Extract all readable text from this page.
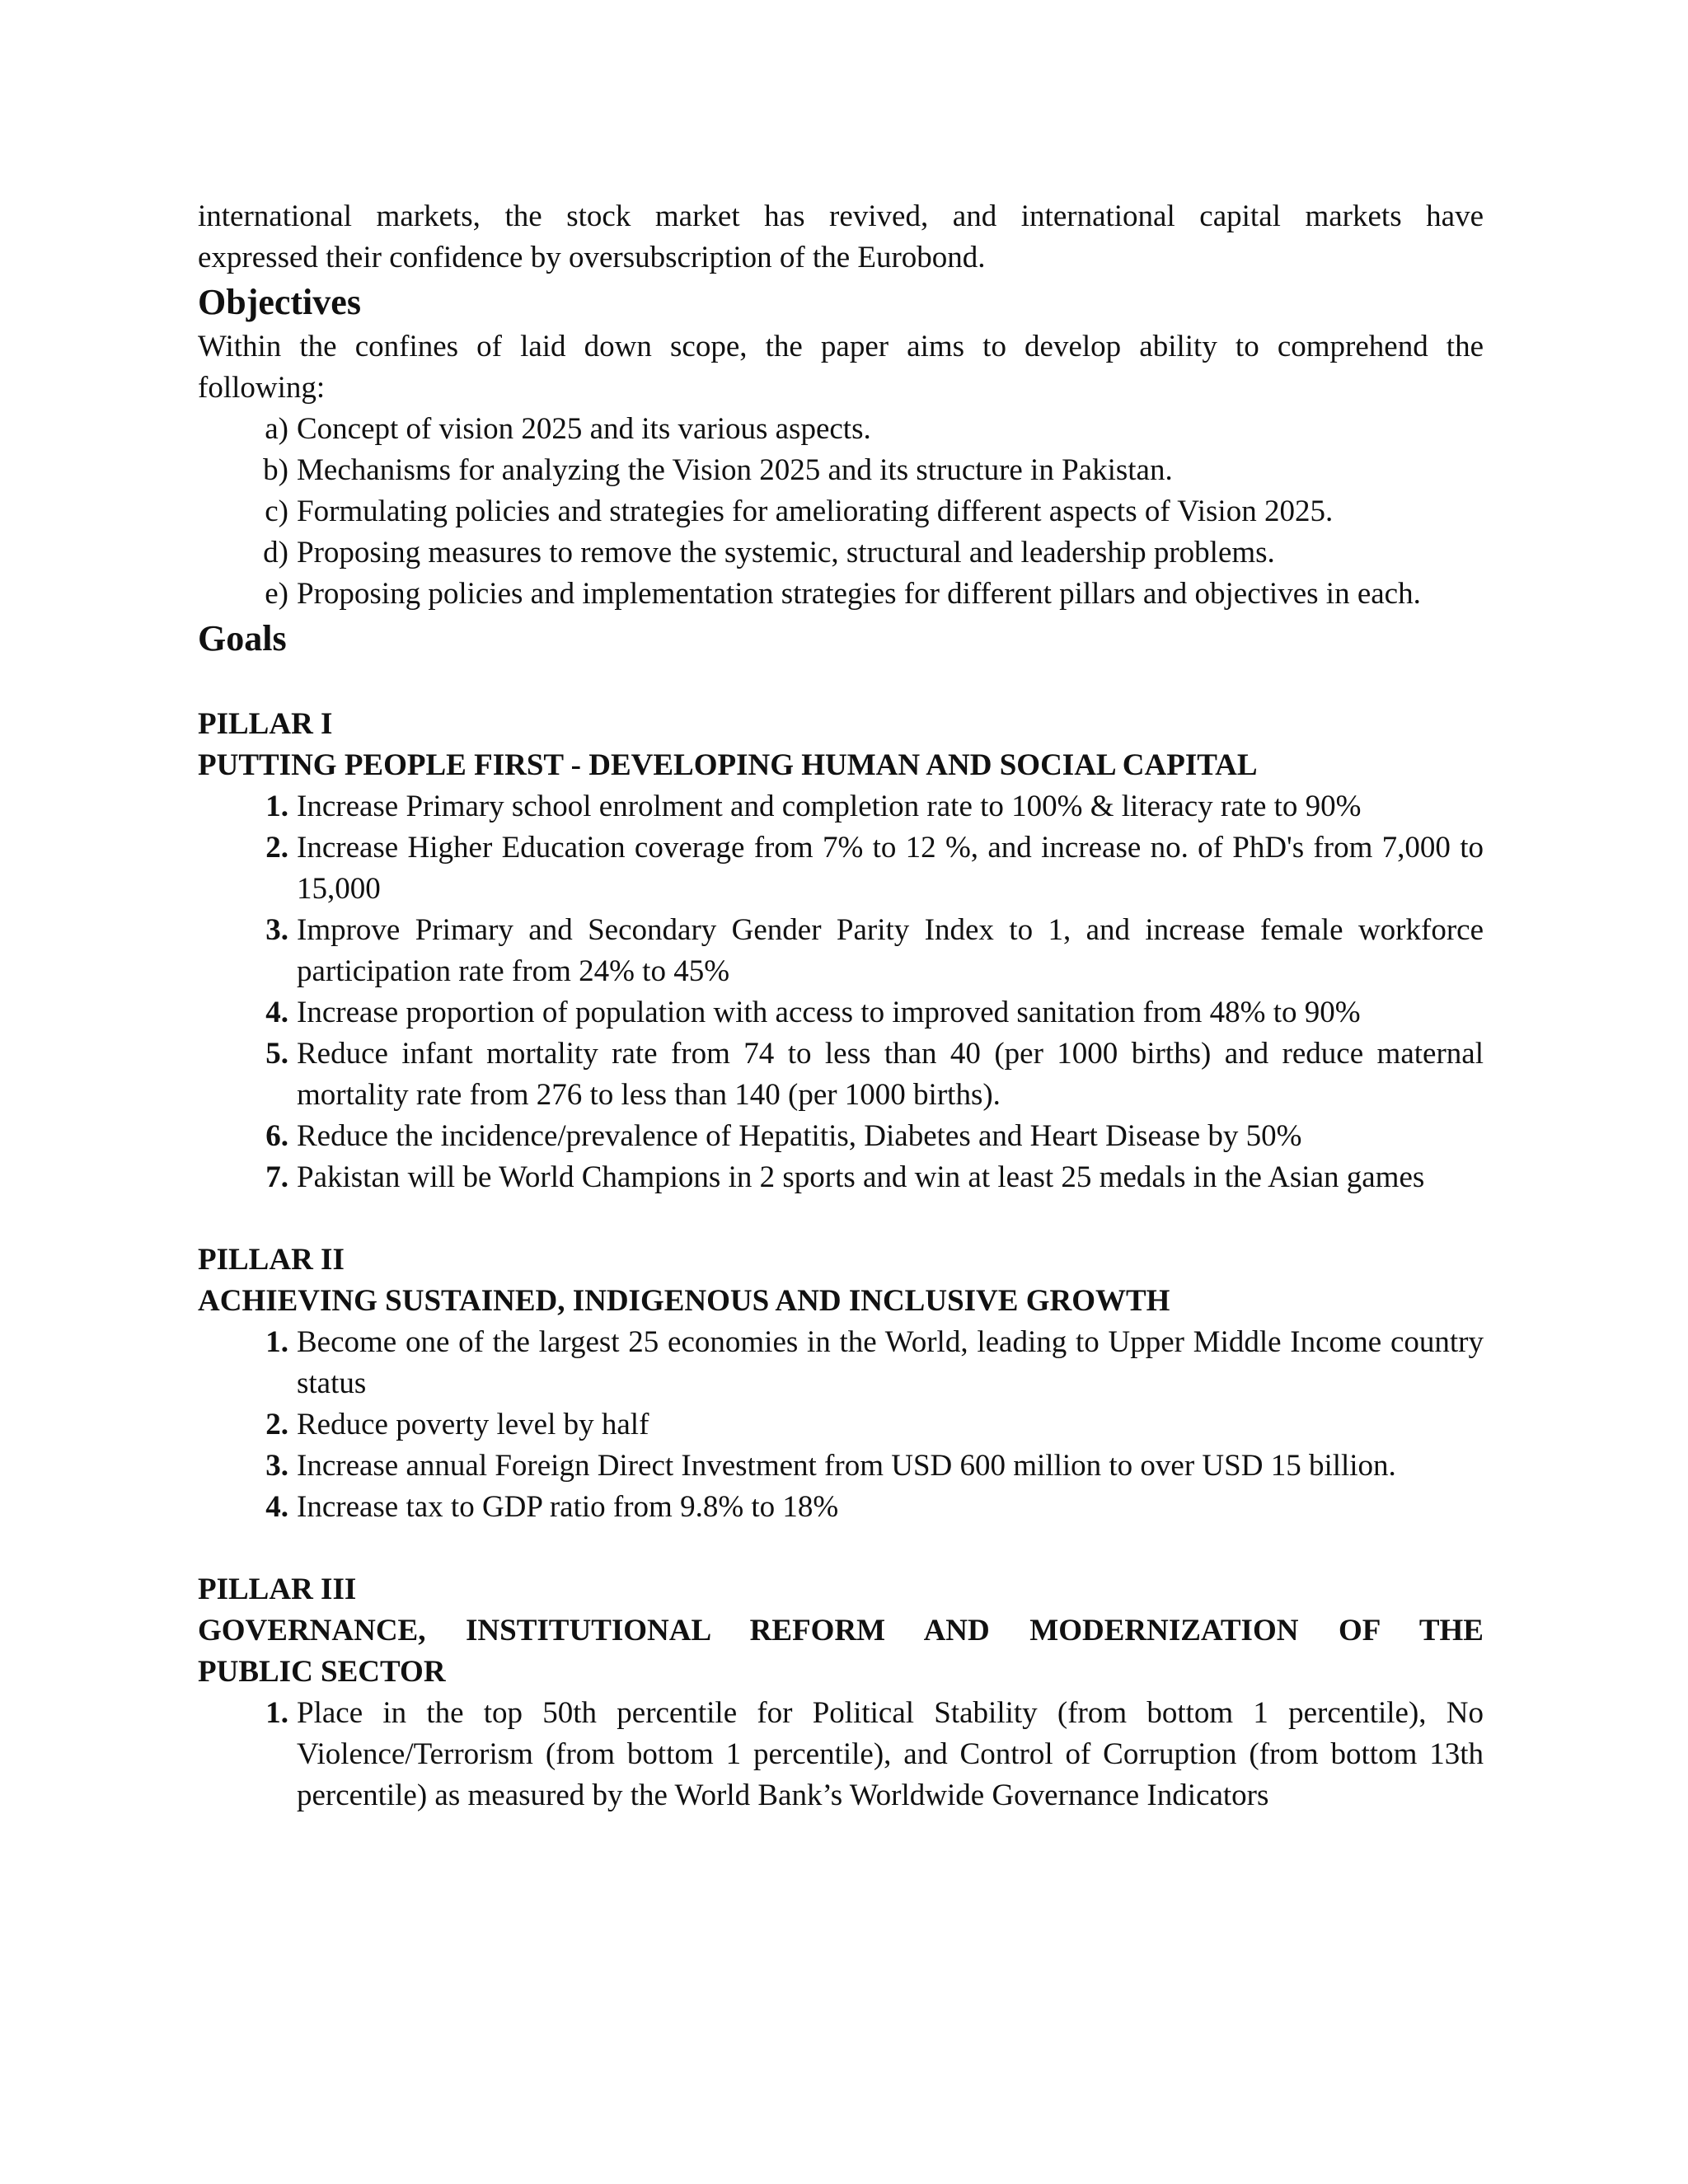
international markets, the stock market has revived, and international capital markets have

expressed their confidence by oversubscription of the Eurobond.

Objectives

Within the confines of laid down scope, the paper aims to develop ability to comprehend the

following:

a) Concept of vision 2025 and its various aspects.
b) Mechanisms for analyzing the Vision 2025 and its structure in Pakistan.
c) Formulating policies and strategies for ameliorating different aspects of Vision 2025.
d) Proposing measures to remove the systemic, structural and leadership problems.
e) Proposing policies and implementation strategies for different pillars and objectives in each.
Goals

PILLAR I

PUTTING PEOPLE FIRST - DEVELOPING HUMAN AND SOCIAL CAPITAL

1. Increase Primary school enrolment and completion rate to 100% & literacy rate to 90%
2. Increase Higher Education coverage from 7% to 12 %, and increase no. of PhD's from 7,000 to 15,000
3. Improve Primary and Secondary Gender Parity Index to 1, and increase female workforce participation rate from 24% to 45%
4. Increase proportion of population with access to improved sanitation from 48% to 90%
5. Reduce infant mortality rate from 74 to less than 40 (per 1000 births) and reduce maternal mortality rate from 276 to less than 140 (per 1000 births).
6. Reduce the incidence/prevalence of Hepatitis, Diabetes and Heart Disease by 50%
7. Pakistan will be World Champions in 2 sports and win at least 25 medals in the Asian games

PILLAR II

ACHIEVING SUSTAINED, INDIGENOUS AND INCLUSIVE GROWTH

1. Become one of the largest 25 economies in the World, leading to Upper Middle Income country status
2. Reduce poverty level by half
3. Increase annual Foreign Direct Investment from USD 600 million to over USD 15 billion.
4. Increase tax to GDP ratio from 9.8% to 18%

PILLAR III

GOVERNANCE, INSTITUTIONAL REFORM AND MODERNIZATION OF THE
PUBLIC SECTOR

1. Place in the top 50th percentile for Political Stability (from bottom 1 percentile), No Violence/Terrorism (from bottom 1 percentile), and Control of Corruption (from bottom 13th percentile) as measured by the World Bank’s Worldwide Governance Indicators
